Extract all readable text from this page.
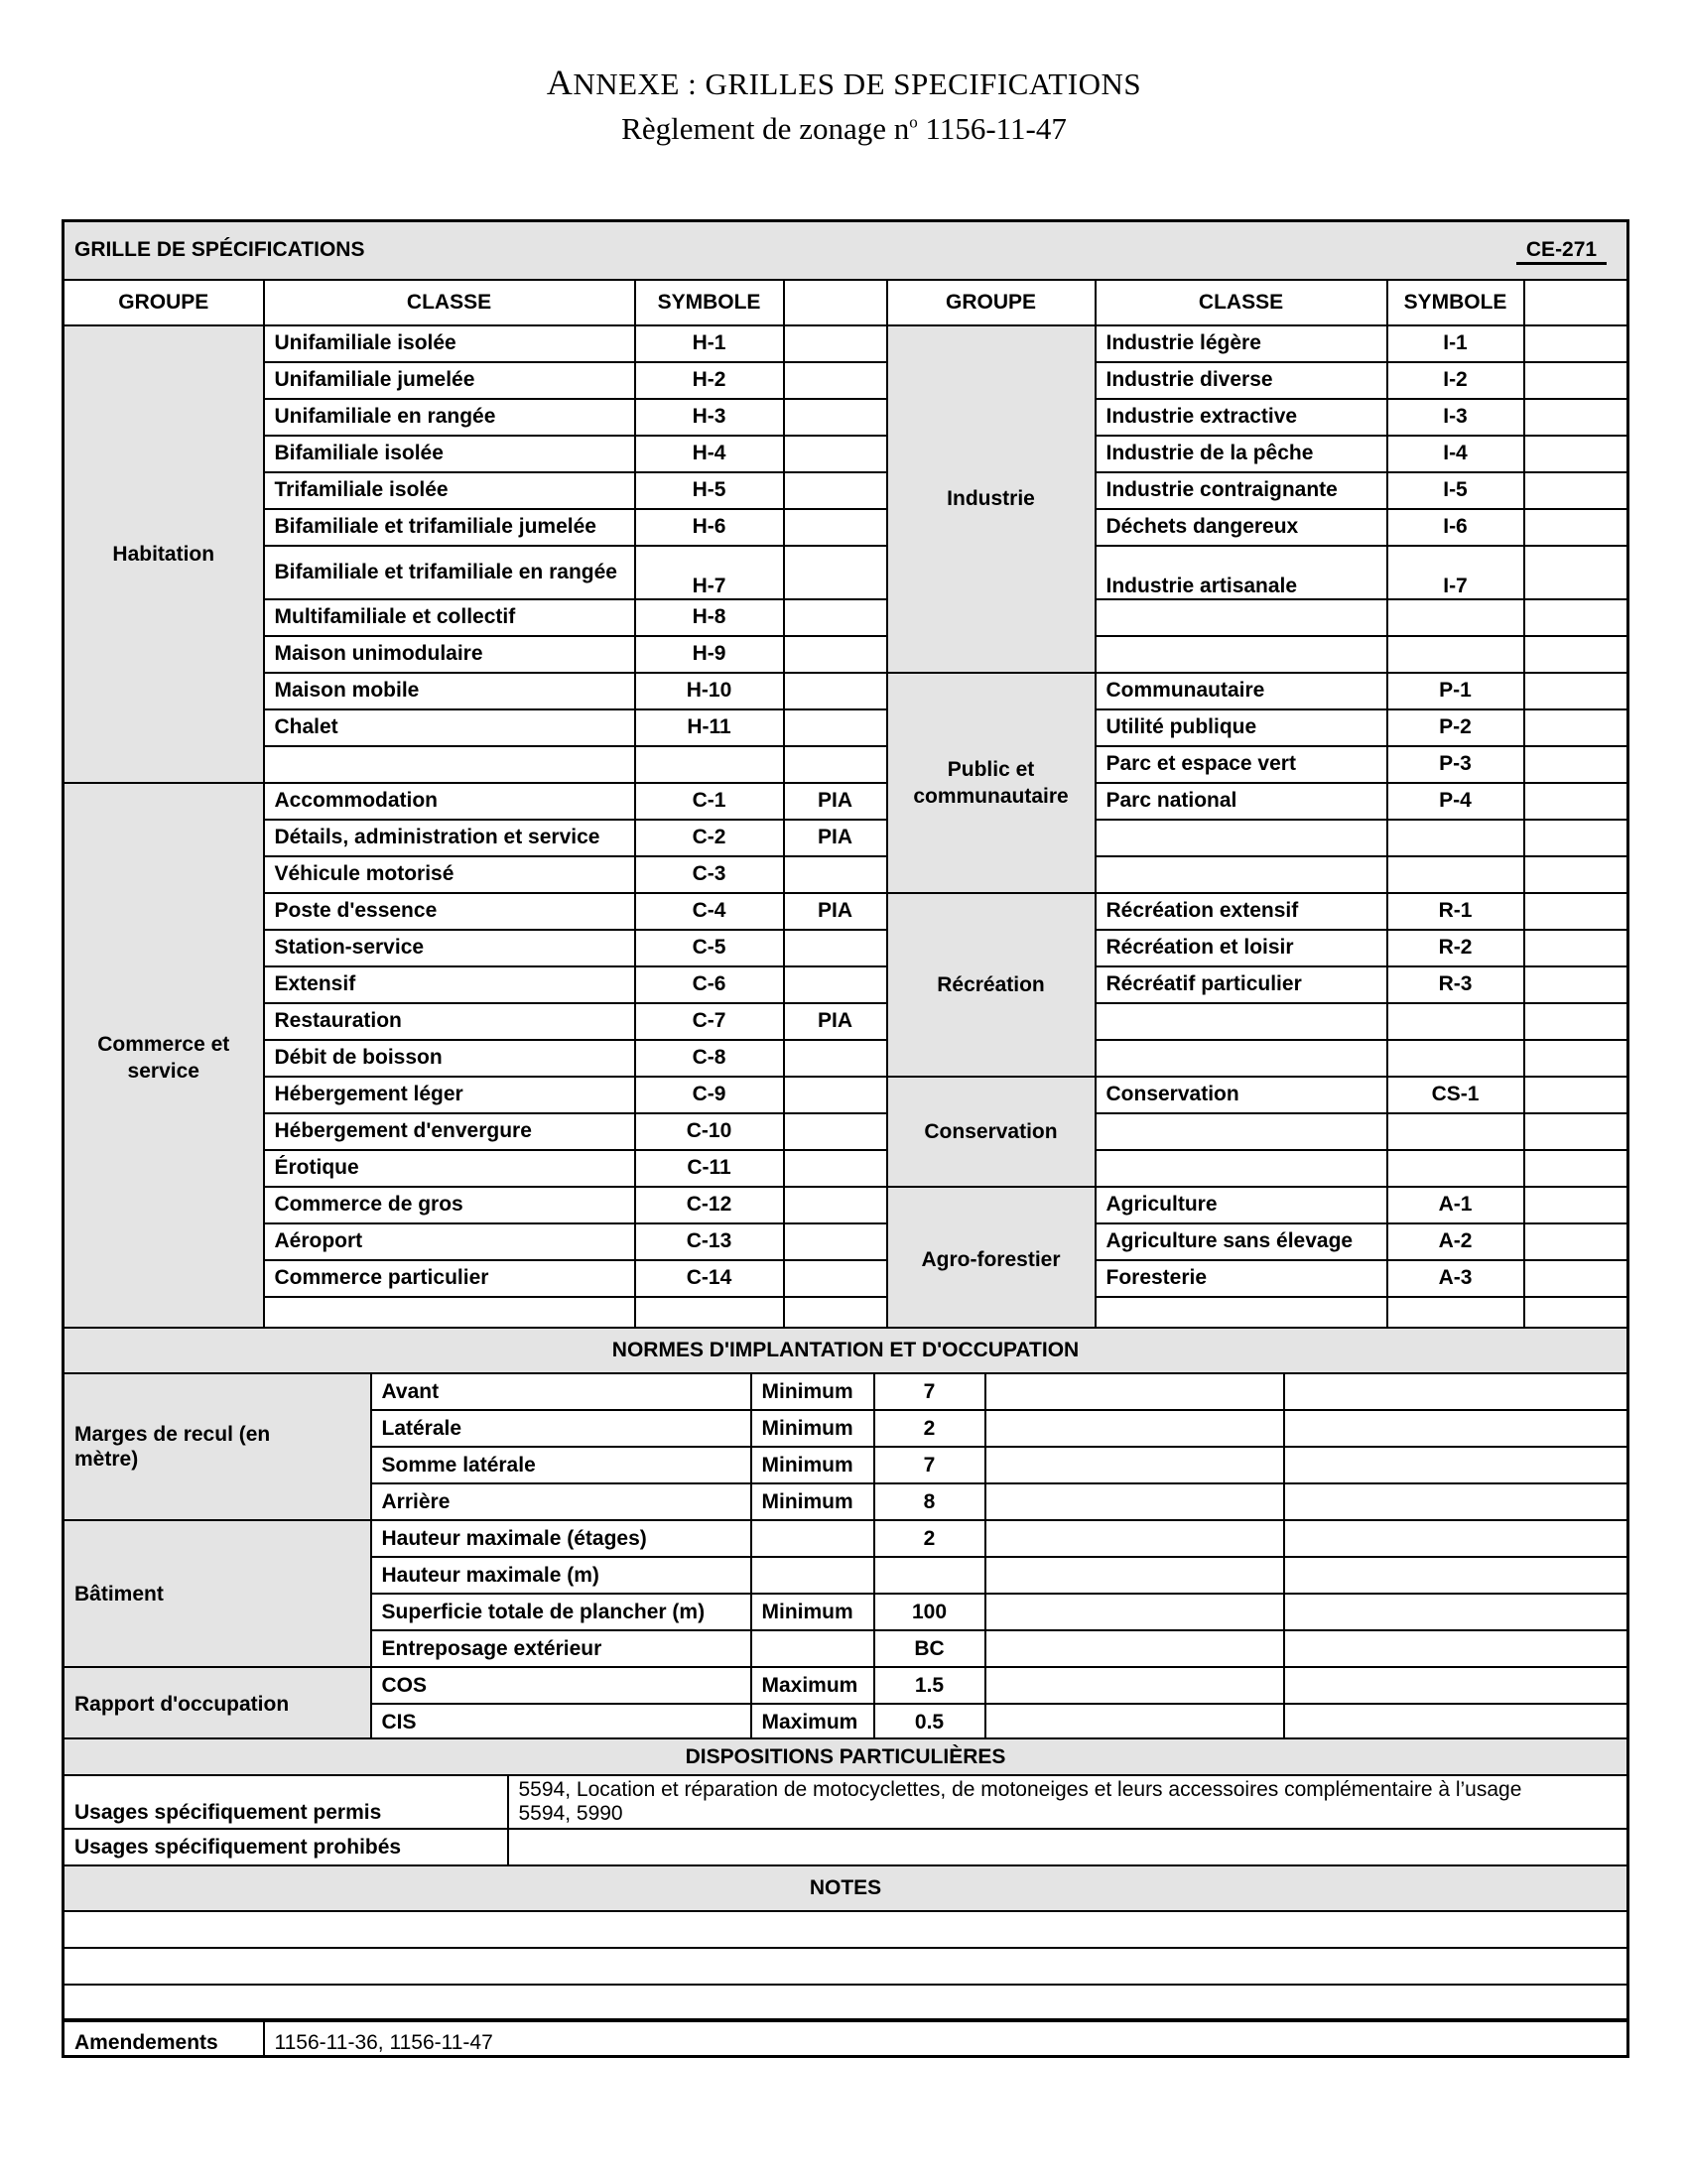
ANNEXE : GRILLES DE SPECIFICATIONS
Règlement de zonage $n^o$ 1156-11-47
GRILLE DE SPÉCIFICATIONS CE-271							

GROUPE	CLASSE	SYMBOLE		GROUPE	CLASSE	SYMBOLE	
Habitation	Unifamiliale isolée	H-1		Industrie	Industrie légère	I-1	
	Unifamiliale jumelée	H-2			Industrie diverse	I-2	
	Unifamiliale en rangée	H-3			Industrie extractive	I-3	
	Bifamiliale isolée	H-4			Industrie de la pêche	I-4	
	Trifamiliale isolée	H-5			Industrie contraignante	I-5	
	Bifamiliale et trifamiliale jumelée	H-6			Déchets dangereux	I-6	
	Bifamiliale et trifamiliale en rangée	H-7			Industrie artisanale	I-7	
	Multifamiliale et collectif	H-8					
	Maison unimodulaire	H-9					
	Maison mobile	H-10		Public et communautaire	Communautaire	P-1	
	Chalet	H-11			Utilité publique	P-2	
					Parc et espace vert	P-3	
Commerce et service	Accommodation	C-1	PIA		Parc national	P-4	
	Détails, administration et service	C-2	PIA				
	Véhicule motorisé	C-3					
	Poste d'essence	C-4	PIA	Récréation	Récréation extensif	R-1	
	Station-service	C-5			Récréation et loisir	R-2	
	Extensif	C-6			Récréatif particulier	R-3	
	Restauration	C-7	PIA				
	Débit de boisson	C-8					
	Hébergement léger	C-9		Conservation	Conservation	CS-1	
	Hébergement d'envergure	C-10					
	Érotique	C-11					
	Commerce de gros	C-12		Agro-forestier	Agriculture	A-1	
	Aéroport	C-13			Agriculture sans élevage	A-2	
	Commerce particulier	C-14			Foresterie	A-3	

NORMES D'IMPLANTATION ET D'OCCUPATION					
Marges de recul (en mètre)	Avant	Minimum	7		
	Latérale	Minimum	2		
	Somme latérale	Minimum	7		
	Arrière	Minimum	8		
Bâtiment	Hauteur maximale (étages)		2		
	Hauteur maximale (m)				
	Superficie totale de plancher (m)	Minimum	100		
	Entreposage extérieur		BC		
Rapport d'occupation	COS	Maximum	1.5		
	CIS	Maximum	0.5		
DISPOSITIONS PARTICULIÈRES	
Usages spécifiquement permis	5594, Location et réparation de motocyclettes, de motoneiges et leurs accessoires complémentaire à l’usage
5594, 5990

Usages spécifiquement prohibés	
NOTES	

Amendements	1156-11-36, 1156-11-47
